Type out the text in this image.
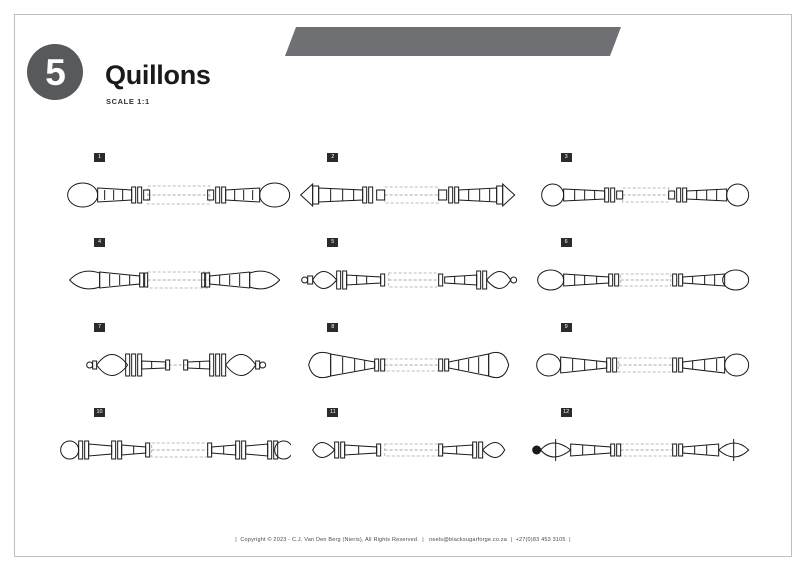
5	Quillons
SCALE 1:1
1	2	3
4	5	6
7	8	9
10	11	12
|  Copyright © 2023 - C.J. Van Den Berg (Nieris), All Rights Reserved.  |   neels@blacksugarforge.co.za  |  +27(0)83 453 3105  |
